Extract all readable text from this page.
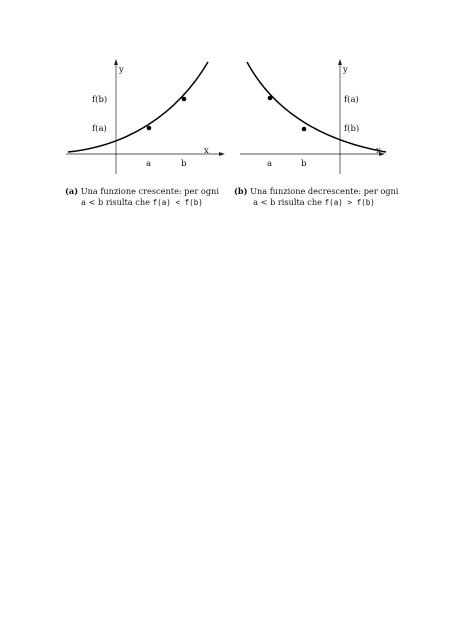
y
x
a	b
f(b)
f(a)
y
x
a	b
f(a)
f(b)
(a) Una funzione crescente: per ogni
a < b risulta che f(a) < f(b)
(b) Una funzione decrescente: per ogni
a < b risulta che f(a) > f(b)
